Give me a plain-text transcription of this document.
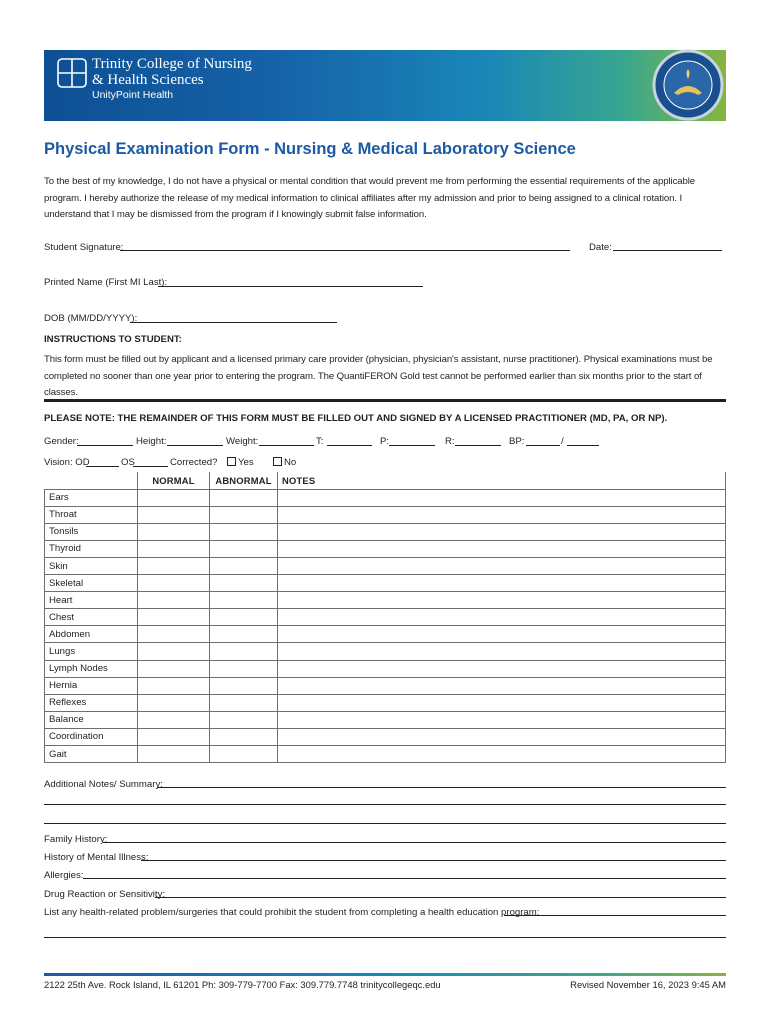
Trinity College of Nursing
& Health Sciences
UnityPoint Health
Physical Examination Form - Nursing & Medical Laboratory Science
To the best of my knowledge, I do not have a physical or mental condition that would prevent me from performing the essential requirements of the applicable program. I hereby authorize the release of my medical information to clinical affiliates after my admission and prior to being assigned to a clinical rotation. I understand that I may be dismissed from the program if I knowingly submit false information.
Student Signature:	Date:
Printed Name (First MI Last):
DOB (MM/DD/YYYY):
INSTRUCTIONS TO STUDENT:
This form must be filled out by applicant and a licensed primary care provider (physician, physician's assistant, nurse practitioner). Physical examinations must be completed no sooner than one year prior to entering the program. The QuantiFERON Gold test cannot be performed earlier than six months prior to the start of classes.
PLEASE NOTE: THE REMAINDER OF THIS FORM MUST BE FILLED OUT AND SIGNED BY A LICENSED PRACTITIONER (MD, PA, OR NP).
Gender:	Height:	Weight:	T:	P:	R:	BP:	/
Vision: OD	OS	Corrected?	Yes	No
	NORMAL	ABNORMAL	NOTES
Ears			
Throat			
Tonsils			
Thyroid			
Skin			
Skeletal			
Heart			
Chest			
Abdomen			
Lungs			
Lymph Nodes			
Hernia			
Reflexes			
Balance			
Coordination			
Gait			
Additional Notes/ Summary:
Family History:
History of Mental Illness:
Allergies:
Drug Reaction or Sensitivity:
List any health-related problem/surgeries that could prohibit the student from completing a health education program:
2122 25th Ave. Rock Island, IL 61201 Ph: 309-779-7700 Fax: 309.779.7748 trinitycollegeqc.edu	Revised November 16, 2023 9:45 AM
